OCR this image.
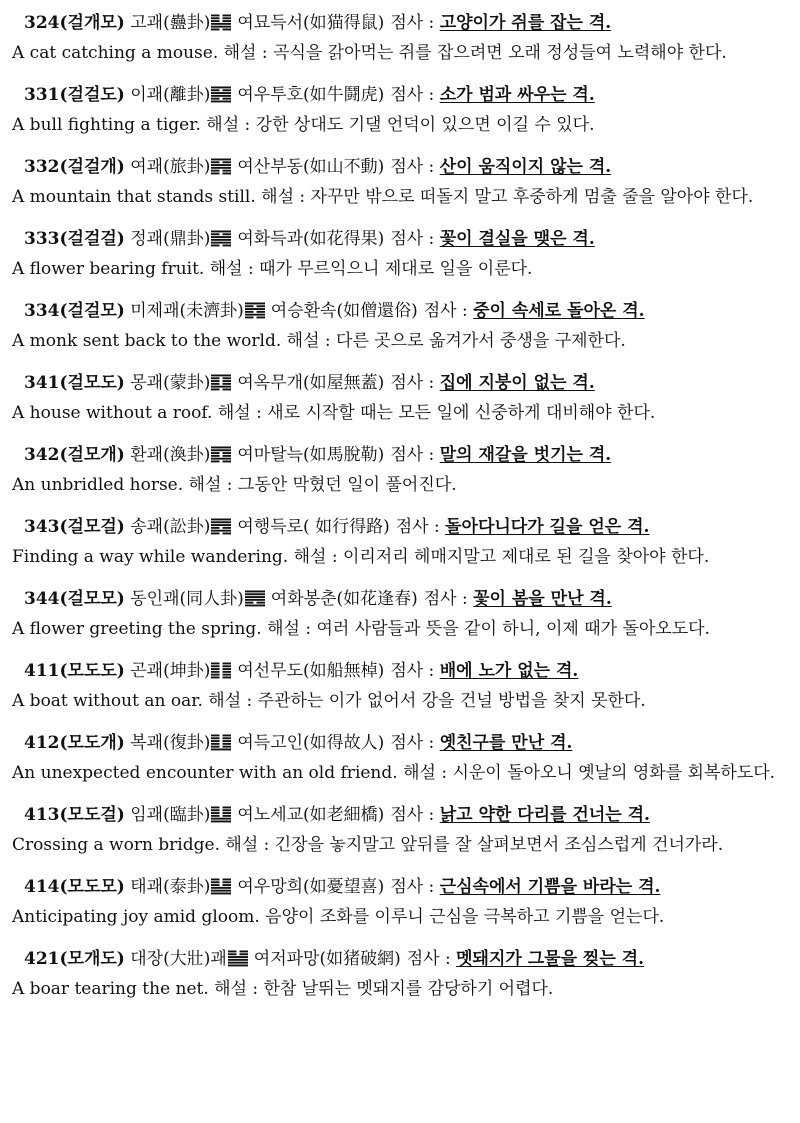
324(걸개모) 고괘(蠱卦) 여묘득서(如猫得鼠) 점사 : 고양이가 쥐를 잡는 격.
A cat catching a mouse. 해설 : 곡식을 갉아먹는 쥐를 잡으려면 오래 정성들여 노력해야 한다.
331(걸걸도) 이괘(離卦) 여우투호(如牛鬪虎) 점사 : 소가 범과 싸우는 격.
A bull fighting a tiger. 해설 : 강한 상대도 기댈 언덕이 있으면 이길 수 있다.
332(걸걸개) 여괘(旅卦) 여산부동(如山不動) 점사 : 산이 움직이지 않는 격.
A mountain that stands still. 해설 : 자꾸만 밖으로 떠돌지 말고 후중하게 멈출 줄을 알아야 한다.
333(걸걸걸) 정괘(鼎卦) 여화득과(如花得果) 점사 : 꽃이 결실을 맺은 격.
A flower bearing fruit. 해설 : 때가 무르익으니 제대로 일을 이룬다.
334(걸걸모) 미제괘(未濟卦) 여승환속(如僧還俗) 점사 : 중이 속세로 돌아온 격.
A monk sent back to the world. 해설 : 다른 곳으로 옮겨가서 중생을 구제한다.
341(걸모도) 몽괘(蒙卦) 여옥무개(如屋無蓋) 점사 : 집에 지붕이 없는 격.
A house without a roof. 해설 : 새로 시작할 때는 모든 일에 신중하게 대비해야 한다.
342(걸모개) 환괘(渙卦) 여마탈늑(如馬脫勒) 점사 : 말의 재갈을 벗기는 격.
An unbridled horse. 해설 : 그동안 막혔던 일이 풀어진다.
343(걸모걸) 송괘(訟卦) 여행득로( 如行得路) 점사 : 돌아다니다가 길을 얻은 격.
Finding a way while wandering. 해설 : 이리저리 헤매지말고 제대로 된 길을 찾아야 한다.
344(걸모모) 동인괘(同人卦) 여화봉춘(如花逢春) 점사 : 꽃이 봄을 만난 격.
A flower greeting the spring. 해설 : 여러 사람들과 뜻을 같이 하니, 이제 때가 돌아오도다.
411(모도도) 곤괘(坤卦) 여선무도(如船無棹) 점사 : 배에 노가 없는 격.
A boat without an oar. 해설 : 주관하는 이가 없어서 강을 건널 방법을 찾지 못한다.
412(모도개) 복괘(復卦) 여득고인(如得故人) 점사 : 옛친구를 만난 격.
An unexpected encounter with an old friend. 해설 : 시운이 돌아오니 옛날의 영화를 회복하도다.
413(모도걸) 임괘(臨卦) 여노세교(如老細橋) 점사 : 낡고 약한 다리를 건너는 격.
Crossing a worn bridge. 해설 : 긴장을 놓지말고 앞뒤를 잘 살펴보면서 조심스럽게 건너가라.
414(모도모) 태괘(泰卦) 여우망희(如憂望喜) 점사 : 근심속에서 기쁨을 바라는 격.
Anticipating joy amid gloom. 음양이 조화를 이루니 근심을 극복하고 기쁨을 얻는다.
421(모개도) 대장(大壯)괘 여저파망(如猪破網) 점사 : 멧돼지가 그물을 찢는 격.
A boar tearing the net. 해설 : 한참 날뛰는 멧돼지를 감당하기 어렵다.
